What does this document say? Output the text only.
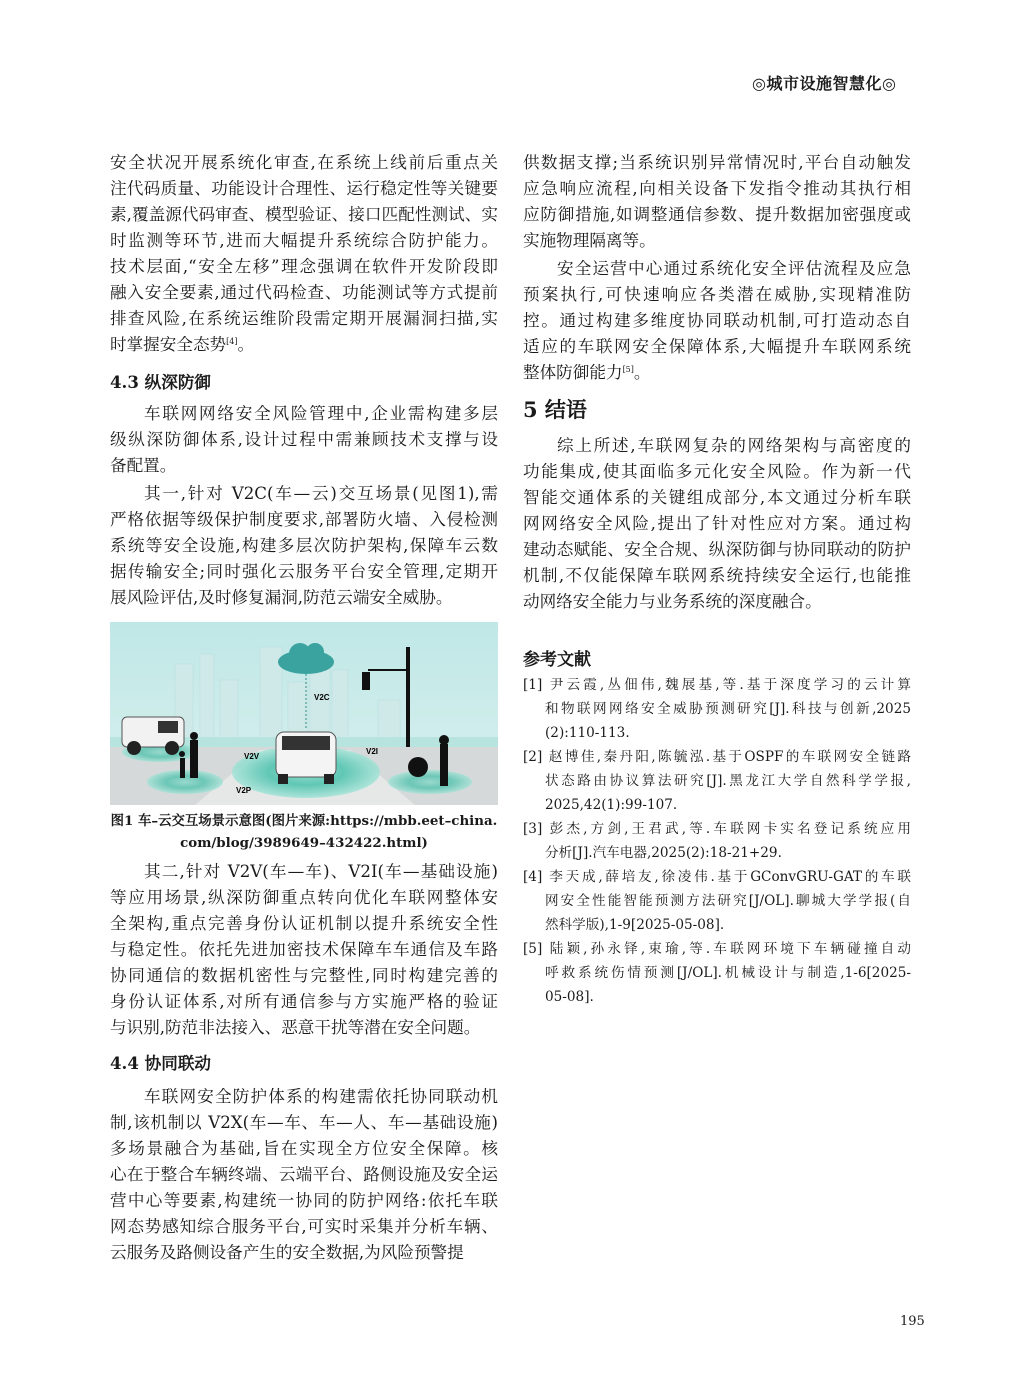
◎城市设施智慧化◎
安全状况开展系统化审查,在系统上线前后重点关
注代码质量、功能设计合理性、运行稳定性等关键要
素,覆盖源代码审查、模型验证、接口匹配性测试、实
时监测等环节,进而大幅提升系统综合防护能力。
技术层面,“安全左移”理念强调在软件开发阶段即
融入安全要素,通过代码检查、功能测试等方式提前
排查风险,在系统运维阶段需定期开展漏洞扫描,实
时掌握安全态势[4]。
4.3 纵深防御
车联网网络安全风险管理中,企业需构建多层
级纵深防御体系,设计过程中需兼顾技术支撑与设
备配置。
其一,针对 V2C(车—云)交互场景(见图1),需
严格依据等级保护制度要求,部署防火墙、入侵检测
系统等安全设施,构建多层次防护架构,保障车云数
据传输安全;同时强化云服务平台安全管理,定期开
展风险评估,及时修复漏洞,防范云端安全威胁。
V2C
V2V
V2I
V2P
图1 车–云交互场景示意图(图片来源:https://mbb.eet–china.
com/blog/3989649–432422.html)
其二,针对 V2V(车—车)、V2I(车—基础设施)
等应用场景,纵深防御重点转向优化车联网整体安
全架构,重点完善身份认证机制以提升系统安全性
与稳定性。依托先进加密技术保障车车通信及车路
协同通信的数据机密性与完整性,同时构建完善的
身份认证体系,对所有通信参与方实施严格的验证
与识别,防范非法接入、恶意干扰等潜在安全问题。
4.4 协同联动
车联网安全防护体系的构建需依托协同联动机
制,该机制以 V2X(车—车、车—人、车—基础设施)
多场景融合为基础,旨在实现全方位安全保障。核
心在于整合车辆终端、云端平台、路侧设施及安全运
营中心等要素,构建统一协同的防护网络:依托车联
网态势感知综合服务平台,可实时采集并分析车辆、
云服务及路侧设备产生的安全数据,为风险预警提
供数据支撑;当系统识别异常情况时,平台自动触发
应急响应流程,向相关设备下发指令推动其执行相
应防御措施,如调整通信参数、提升数据加密强度或
实施物理隔离等。
安全运营中心通过系统化安全评估流程及应急
预案执行,可快速响应各类潜在威胁,实现精准防
控。通过构建多维度协同联动机制,可打造动态自
适应的车联网安全保障体系,大幅提升车联网系统
整体防御能力[5]。
5 结语
综上所述,车联网复杂的网络架构与高密度的
功能集成,使其面临多元化安全风险。作为新一代
智能交通体系的关键组成部分,本文通过分析车联
网网络安全风险,提出了针对性应对方案。通过构
建动态赋能、安全合规、纵深防御与协同联动的防护
机制,不仅能保障车联网系统持续安全运行,也能推
动网络安全能力与业务系统的深度融合。
参考文献
[1] 尹云霞,丛佃伟,魏展基,等.基于深度学习的云计算
和物联网网络安全威胁预测研究[J].科技与创新,2025
(2):110-113.
[2] 赵博佳,秦丹阳,陈毓泓.基于OSPF的车联网安全链路
状态路由协议算法研究[J].黑龙江大学自然科学学报,
2025,42(1):99-107.
[3] 彭杰,方剑,王君武,等.车联网卡实名登记系统应用
分析[J].汽车电器,2025(2):18-21+29.
[4] 李天成,薛培友,徐凌伟.基于GConvGRU-GAT的车联
网安全性能智能预测方法研究[J/OL].聊城大学学报(自
然科学版),1-9[2025-05-08].
[5] 陆颖,孙永铎,束瑜,等.车联网环境下车辆碰撞自动
呼救系统伤情预测[J/OL].机械设计与制造,1-6[2025-
05-08].
195
